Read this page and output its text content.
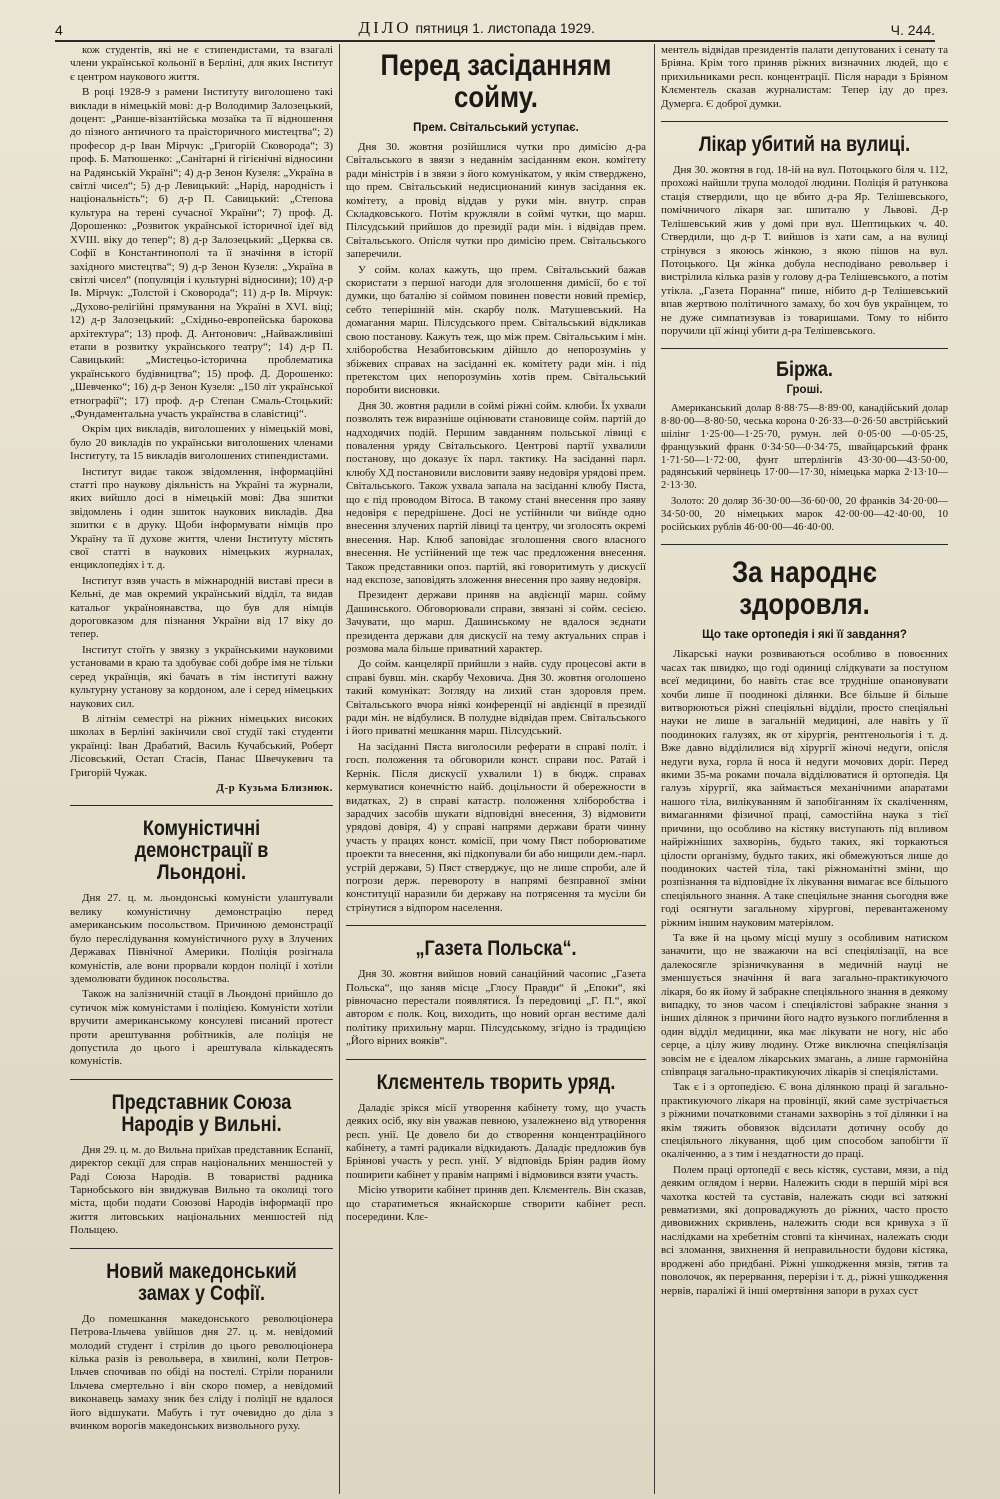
4	ДІЛО пятниця 1. листопада 1929.	Ч. 244.

кож студентів, які не є стипендистами, та взагалі члени української кольонії в Берліні, для яких Інститут є центром наукового життя.

В році 1928-9 з рамени Інституту виголошено такі виклади в німецькій мові: д-р Володимир Залозецький, доцент: „Ранше-візантійська мозаїка та її відношення до пізного античного та праісторичного мистецтва“; 2) професор д-р Іван Мірчук: „Григорій Сковорода“; 3) проф. Б. Матюшенко: „Санітарні й гігієнічні відносини на Радянській Україні“; 4) д-р Зенон Кузеля: „Україна в світлі чисел“; 5) д-р Левицький: „Нарід, народність і національність“; 6) д-р П. Савицький: „Степова культура на терені сучасної України“; 7) проф. Д. Дорошенко: „Розвиток української історичної ідеї від XVIII. віку до тепер“; 8) д-р Залозецький: „Церква св. Софії в Константинополі та її значіння в історії західного мистецтва“; 9) д-р Зенон Кузеля: „Україна в світлі чисел“ (популяція і культурні відносини); 10) д-р Ів. Мірчук: „Толстой і Сковорода“; 11) д-р Ів. Мірчук: „Духово-релігійні прямування на Україні в XVI. віці; 12) д-р Залозецький: „Східньо-европейська барокова архітектура“; 13) проф. Д. Антонович: „Найважливіші етапи в розвитку українського театру“; 14) д-р П. Савицький: „Мистецьо-історична проблематика українського будівництва“; 15) проф. Д. Дорошенко: „Шевченко“; 16) д-р Зенон Кузеля: „150 літ української етнографії“; 17) проф. д-р Степан Смаль-Стоцький: „Фундаментальна участь українства в славістиці“.

Окрім цих викладів, виголошених у німецькій мові, було 20 викладів по українськи виголошених членами Інституту, та 15 викладів виголошених стипендистами.

Інститут видає також звідомлення, інформаційні статті про наукову діяльність на Україні та журнали, яких вийшло досі в німецькій мові: Два зшитки звідомлень і один зшиток наукових викладів. Два зшитки є в друку. Щоби інформувати німців про Україну та її духове життя, члени Інституту містять свої статті в наукових німецьких журналах, енциклопедіях і т. д.

Інститут взяв участь в міжнародній виставі преси в Кельні, де мав окремий український відділ, та видав катальог україноянавства, що був для німців дороговказом для пізнання України від 17 віку до тепер.

Інститут стоїть у звязку з українськими науковими установами в краю та здобуває собі добре імя не тільки серед українців, які бачать в тім інституті важну культурну установу за кордоном, але і серед німецьких наукових сил.

В літнім семестрі на ріжних німецьких високих школах в Берліні закінчили свої студії такі студенти українці: Іван Драбатий, Василь Кучабський, Роберт Лісовський, Остап Стасів, Панас Швечукевич та Григорій Чужак.

Д-р Кузьма Близнюк.
Комуністичні демонстрації в Льондоні.

Дня 27. ц. м. льондонські комуністи улаштували велику комуністичну демонстрацію перед американським посольством. Причиною демонстрації було переслідування комуністичного руху в Злучених Державах Північної Америки. Поліція розігнала комуністів, але вони прорвали кордон поліції і хотіли здемолювати будинок посольства.

Також на залізничній стації в Льондоні прийшло до сутичок між комуністами і поліцією. Комуністи хотіли вручити американському консулеві писаний протест проти арештування робітників, але поліція не допустила до цього і арештувала кількадесять комуністів.

Представник Союза Народів у Вильні.

Дня 29. ц. м. до Вильна приїхав представник Еспанії, директор секції для справ національних меншостей у Раді Союза Народів. В товаристві радника Тарнобського він звиджував Вильно та околиці того міста, щоби подати Союзові Народів інформації про життя литовських національних меншостей під Польщею.

Новий македонський замах у Софії.

До помешкання македонського революціонера Петрова-Ільчева увійшов дня 27. ц. м. невідомий молодий студент і стрілив до цього революціонера кілька разів із револьвера, в хвилині, коли Петров-Ільчев спочивав по обіді на постелі. Стріли поранили Ільчева смертельно і він скоро помер, а невідомий виконавець замаху зник без сліду і поліції не вдалося його відшукати. Мабуть і тут очевидно до діла з вчинком ворогів македонських визвольного руху.

Перед засіданням сойму.
Прем. Світальський уступає.

Дня 30. жовтня розійшлися чутки про димісію д-ра Світальського в звязи з недавнім засіданням екон. комітету ради міністрів і в звязи з його комунікатом, у якім стверджено, що прем. Світальський недисционаний кинув засідання ек. комітету, а провід віддав у руки мін. внутр. справ Складковського. Потім кружляли в соймі чутки, що марш. Пілсудський прийшов до президії ради мін. і відвідав прем. Світальського. Опісля чутки про димісію прем. Світальського заперечили.

У сойм. колах кажуть, що прем. Світальський бажав скористати з першої нагоди для зголошення димісії, бо є тої думки, що баталію зі соймом повинен повести новий премієр, себто теперішній мін. скарбу полк. Матушевський. На домагання марш. Пілсудського прем. Світальський відкликав свою постанову. Кажуть теж, що між прем. Світальським і мін. хліборобства Незабитовським дійшло до непорозумінь у збіжевих справах на засіданні ек. комітету ради мін. і під претекстом цих непорозумінь хотів прем. Світальський поробити висновки.

Дня 30. жовтня радили в соймі ріжні сойм. клюби. Їх ухвали позволять теж виразніше оцінювати становище сойм. партій до надходячих подій. Першим завданням польської лівиці є повалення уряду Світальського. Центрові партії ухвалили постанову, що доказує їх парл. тактику. На засіданні парл. клюбу ХД постановили висловити заяву недовіря урядові прем. Світальського. Також ухвала запала на засіданні клюбу Пяста, що є під проводом Вітоса. В такому стані внесення про заяву недовіря є передрішене. Досі не устійнили чи виїнде одно внесення злучених партій лівиці та центру, чи зголосять окремі внесення. Нар. Клюб заповідає зголошення свого власного внесення. Не устійнений ще теж час предложення внесення. Також представники опоз. партій, які говоритимуть у дискусії над експозе, заповідять зложення внесення про заяву недовіря.

Президент держави приняв на авдієнції марш. сойму Дашинського. Обговорювали справи, звязані зі сойм. сесією. Зачувати, що марш. Дашинському не вдалося зєднати президента держави для дискусії на тему актуальних справ і розмова мала більше приватний характер.

До сойм. канцелярії прийшли з найв. суду процесові акти в справі бувш. мін. скарбу Чеховича. Дня 30. жовтня оголошено такий комунікат: Зогляду на лихий стан здоровля прем. Світальського вчора ніякі конференції ні авдієнції в президії ради мін. не відбулися. В полудне відвідав прем. Світальського і його приватні мешкання марш. Пілсудський.

На засіданні Пяста виголосили реферати в справі політ. і госп. положення та обговорили конст. справи пос. Ратай і Кернік. Після дискусії ухвалили 1) в бюдж. справах кермуватися конечністю найб. доцільности й обережности в видатках, 2) в справі катастр. положення хліборобства і зарадчих засобів шукати відповідні внесення, 3) відмовити урядові довіря, 4) у справі напрями держави брати чинну участь у працях конст. комісії, при чому Пяст поборюватиме проекти та внесення, які підкопували би або нищили дем.-парл. устрій держави, 5) Пяст стверджує, що не лише спроби, але й погрози держ. перевороту в напрямі безправної зміни конституції наразили би державу на потрясення та мусіли би стрінутися з відпором населення.

„Газета Польска“.

Дня 30. жовтня вийшов новий санаційний часопис „Газета Польска“, що заняв місце „Глосу Правди“ й „Епоки“, які рівночасно перестали появлятися. Їз передовиці „Г. П.“, якої автором є полк. Коц, виходить, що новий орган вестиме далі політику прихильну марш. Пілсудському, згідно із традицією „Його вірних вояків“.

Клєментель творить уряд.

Даладіє зрікся місії утворення кабінету тому, що участь деяких осіб, яку він уважав певною, узалежнено від утворення респ. унії. Це довело би до створення концентраційного кабінету, а тамті радикали відкидають. Даладіє предложив був Бріянові участь у респ. унії. У відповідь Бріян радив йому поширити кабінет у правім напрямі і відмовився взяти участь.

Місію утворити кабінет приняв деп. Клєментель. Він сказав, що старатиметься якнайскорше створити кабінет респ. посередини. Клє-

ментель відвідав президентів палати депутованих і сенату та Бріяна. Крім того приняв ріжних визначних людей, що є прихильниками респ. концентрації. Після наради з Бріяном Клєментель сказав журналистам: Тепер іду до през. Думерга. Є доброї думки.

Лікар убитий на вулиці.

Дня 30. жовтня в год. 18-ій на вул. Потоцького біля ч. 112, прохожі найшли трупа молодої людини. Поліція й ратункова стація ствердили, що це вбито д-ра Яр. Телішевського, помічничого лікаря заг. шпиталю у Львові. Д-р Телішевський жив у домі при вул. Шептицьких ч. 40. Ствердили, що д-р Т. вийшов із хати сам, а на вулиці стрінувся з якоюсь жінкою, з якою пішов на вул. Потоцького. Ця жінка добула несподівано револьвер і вистрілила кілька разів у голову д-ра Телішевського, а потім утікла. „Газета Поранна“ пише, нібито д-р Телішевський впав жертвою політичного замаху, бо хоч був українцем, то не дуже симпатизував із товаришами. Тому то нібито поручили ції жінці убити д-ра Телішевського.

Біржа.
Гроші.

Американський долар 8·88·75—8·89·00, канадійський долар 8·80·00—8·80·50, чеська корона 0·26·33—0·26·50 австрійський шілінг 1·25·00—1·25·70, румун. лей 0·05·00 —0·05·25, французький франк 0·34·50—0·34·75, швайцарський франк 1·71·50—1·72·00, фунт штерлінгів 43·30·00—43·50·00, радянський червінець 17·00—17·30, німецька марка 2·13·10—2·13·30.

Золото: 20 доляр 36·30·00—36·60·00, 20 франків 34·20·00—34·50·00, 20 німецьких марок 42·00·00—42·40·00, 10 російських рублів 46·00·00—46·40·00.

За народнє здоровля.
Що таке ортопедія і які її завдання?

Лікарські науки розвиваються особливо в повоєнних часах так швидко, що годі одиниці слідкувати за поступом всеї медицини, бо навіть стає все трудніше опановувати хочби лише її поодинокі ділянки. Все більше й більше витворюються ріжні спеціяльні відділи, просто спеціяльні науки не лише в загальній медицині, але навіть у її поодиноких галузях, як от хірургія, рентгенольогія і т. д. Вже давно відділилися від хірургії жіночі недуги, опісля недуги вуха, горла й носа й недуги мочових доріг. Перед якими 35-ма роками почала відділюватися й ортопедія. Ця галузь хірургії, яка займається механічними апаратами нашого тіла, вилікуванням й запобіганням їх скаліченням, вимаганнями фізичної праці, самостійна наука з тієї причини, що особливо на кістяку виступають під впливом найріжніших захворінь, будьто таких, які торкаються цілости організму, будьто таких, які обмежуються лише до поодиноких частей тіла, такі ріжноманітні зміни, що розпізнання та відповідне їх лікування вимагає все більшого спеціяльного знання. А таке спеціяльне знання сьогодня вже годі осягнути загальному хірургові, перевантаженому ріжним іншим науковим матеріялом.

Та вже й на цьому місці мушу з особливим натиском заначити, що не зважаючи на всі спеціялізації, на все далекосягле зрізничкування в медичній науці не зменшується значіння й вага загально-практикуючого лікаря, бо як йому й забракне спеціяльного знання в деякому випадку, то знов часом і спеціялістові забракне знання з інших ділянок з причини його надто вузького поглиблення в один відділ медицини, яка має лікувати не ногу, ніс або серце, а цілу живу людину. Отже виключна спеціялізація зовсім не є ідеалом лікарських змагань, а лише гармонійна співпраця загально-практикуючих лікарів зі спеціялістами.

Так є і з ортопедією. Є вона ділянкою праці й загально-практикуючого лікаря на провінції, який саме зустрічається з ріжними початковими станами захворінь з тої ділянки і на якім тяжить обовязок відсилати дотичну особу до спеціяльного лікування, щоб цим способом запобігти її окаліченню, а з тим і нездатности до праці.

Полем праці ортопедії є весь кістяк, сустави, мязи, а під деяким оглядом і нерви. Належить сюди в першій мірі вся чахотка костей та суставів, належать сюди всі затяжні ревматизми, які допроваджують до ріжних, часто просто дивовижних скривлень, належить сюди вся кривуха з її наслідками на хребетнім стовпі та кінчинах, належать сюди всі зломання, звихнення й неправильности будови кістяка, вроджені або придбані. Ріжні ушкодження мязів, тятив та поволочок, як перервання, перерізи і т. д., ріжні ушкодження нервів, параліжі й інші омертвіння запори в рухах суст
